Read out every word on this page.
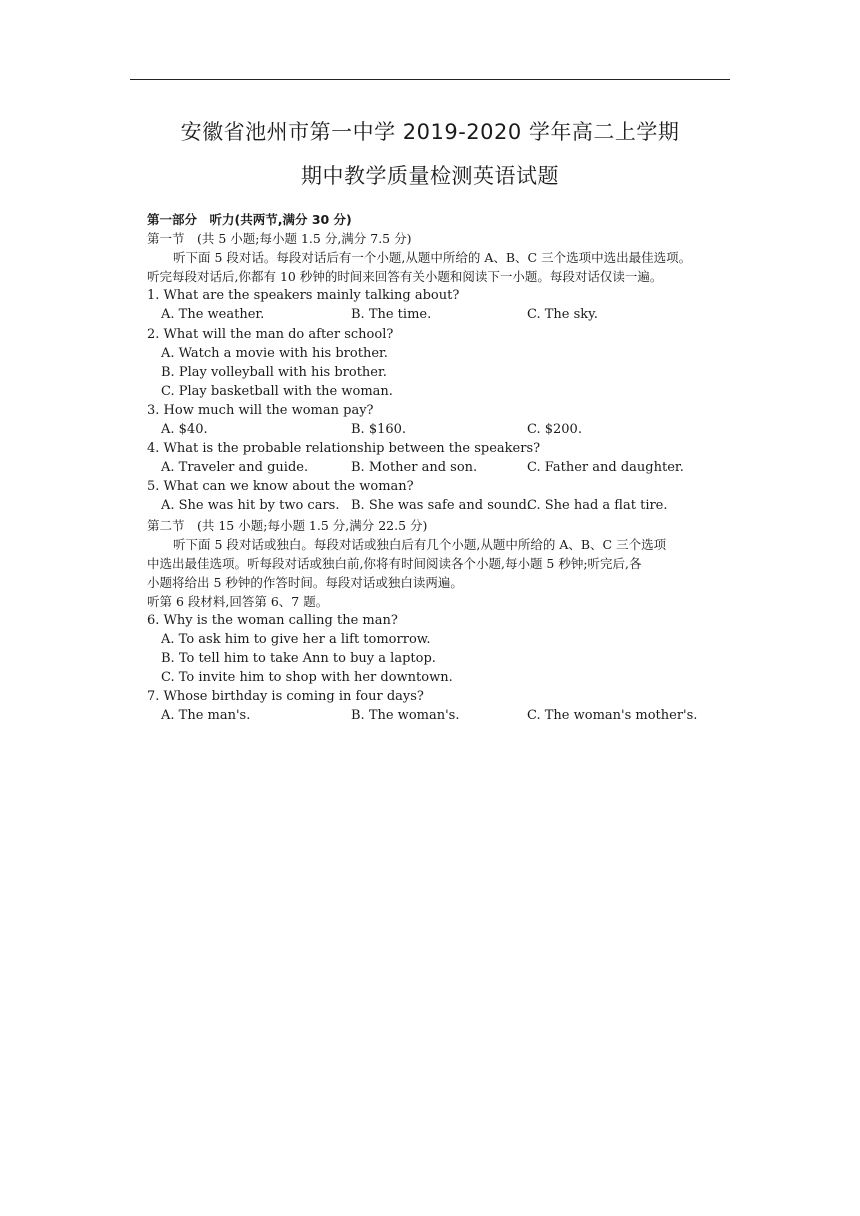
安徽省池州市第一中学 2019-2020 学年高二上学期
期中教学质量检测英语试题
第一部分　听力(共两节,满分 30 分)
第一节　(共 5 小题;每小题 1.5 分,满分 7.5 分)
听下面 5 段对话。每段对话后有一个小题,从题中所给的 A、B、C 三个选项中选出最佳选项。
听完每段对话后,你都有 10 秒钟的时间来回答有关小题和阅读下一小题。每段对话仅读一遍。
1. What are the speakers mainly talking about?
A. The weather.	B. The time.	C. The sky.
2. What will the man do after school?
A. Watch a movie with his brother.
B. Play volleyball with his brother.
C. Play basketball with the woman.
3. How much will the woman pay?
A. $40.	B. $160.	C. $200.
4. What is the probable relationship between the speakers?
A. Traveler and guide.	B. Mother and son.	C. Father and daughter.
5. What can we know about the woman?
A. She was hit by two cars. B. She was safe and sound.
C. She had a flat tire.
第二节　(共 15 小题;每小题 1.5 分,满分 22.5 分)
听下面 5 段对话或独白。每段对话或独白后有几个小题,从题中所给的 A、B、C 三个选项
中选出最佳选项。听每段对话或独白前,你将有时间阅读各个小题,每小题 5 秒钟;听完后,各
小题将给出 5 秒钟的作答时间。每段对话或独白读两遍。
听第 6 段材料,回答第 6、7 题。
6. Why is the woman calling the man?
A. To ask him to give her a lift tomorrow.
B. To tell him to take Ann to buy a laptop.
C. To invite him to shop with her downtown.
7. Whose birthday is coming in four days?
A. The man's.	B. The woman's.	C. The woman's mother's.
